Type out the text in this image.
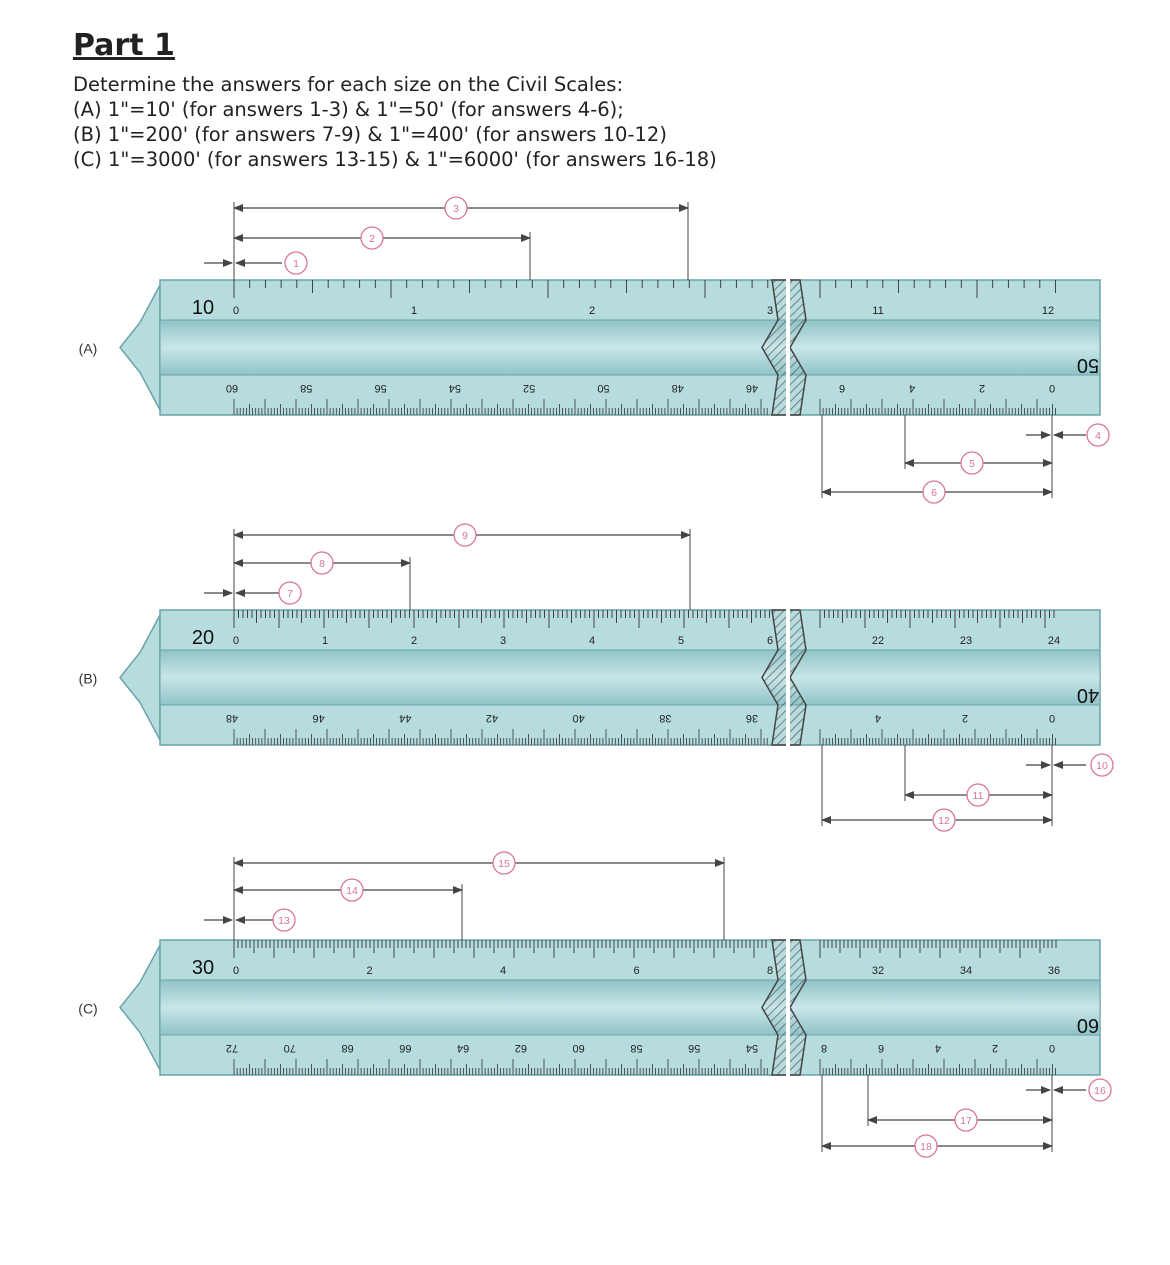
Part 1
Determine the answers for each size on the Civil Scales:
(A) 1"=10' (for answers 1-3) & 1"=50' (for answers 4-6);
(B) 1"=200' (for answers 7-9) & 1"=400' (for answers 10-12)
(C) 1"=3000' (for answers 13-15) & 1"=6000' (for answers 16-18)
(A)
10
50
0	1	2	3	11	12
60	58	56	54	52	50	48	46	6	4	2	0
1
2
3
4
5
6
(B)
20
40
0	1	2	3	4	5	6	22	23	24
48	46	44	42	40	38	36	4	2	0
7
8
9
10
11
12
(C)
30
60
0	2	4	6	8	32	34	36
72	70	68	66	64	62	60	58	56	54	8	6	4	2	0
13
14
15
16
17
18
